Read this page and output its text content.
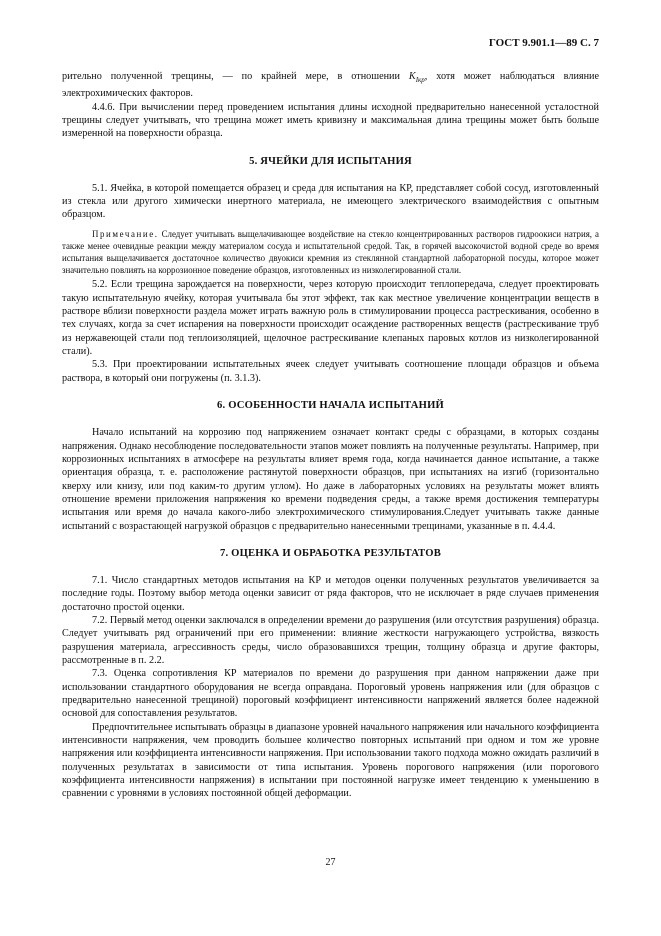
ГОСТ 9.901.1—89 С. 7

рительно полученной трещины, — по крайней мере, в отношении $K_{Iкр}$, хотя может наблюдаться влияние электрохимических факторов.

4.4.6. При вычислении перед проведением испытания длины исходной предварительно нанесенной усталостной трещины следует учитывать, что трещина может иметь кривизну и максимальная длина трещины может быть больше измеренной на поверхности образца.

5. ЯЧЕЙКИ ДЛЯ ИСПЫТАНИЯ

5.1. Ячейка, в которой помещается образец и среда для испытания на КР, представляет собой сосуд, изготовленный из стекла или другого химически инертного материала, не имеющего электрического взаимодействия с опытным образцом.

Примечание. Следует учитывать выщелачивающее воздействие на стекло концентрированных растворов гидроокиси натрия, а также менее очевидные реакции между материалом сосуда и испытательной средой. Так, в горячей высокочистой водной среде во время испытания выщелачивается достаточное количество двуокиси кремния из стеклянной стандартной лабораторной посуды, которое может значительно повлиять на коррозионное поведение образцов, изготовленных из низколегированной стали.

5.2. Если трещина зарождается на поверхности, через которую происходит теплопередача, следует проектировать такую испытательную ячейку, которая учитывала бы этот эффект, так как местное увеличение концентрации веществ в растворе вблизи поверхности раздела может играть важную роль в стимулировании процесса растрескивания, особенно в тех случаях, когда за счет испарения на поверхности происходит осаждение растворенных веществ (растрескивание труб из нержавеющей стали под теплоизоляцией, щелочное растрескивание клепаных паровых котлов из низколегированной стали).

5.3. При проектировании испытательных ячеек следует учитывать соотношение площади образцов и объема раствора, в который они погружены (п. 3.1.3).

6. ОСОБЕННОСТИ НАЧАЛА ИСПЫТАНИЙ

Начало испытаний на коррозию под напряжением означает контакт среды с образцами, в которых созданы напряжения. Однако несоблюдение последовательности этапов может повлиять на полученные результаты. Например, при коррозионных испытаниях в атмосфере на результаты влияет время года, когда начинается данное испытание, а также ориентация образца, т. е. расположение растянутой поверхности образцов, при испытаниях на изгиб (горизонтально кверху или книзу, или под каким-то другим углом). Но даже в лабораторных условиях на результаты может влиять отношение времени приложения напряжения ко времени подведения среды, а также время достижения температуры испытания или время до начала какого-либо электрохимического стимулирования.Следует учитывать также данные испытаний с возрастающей нагрузкой образцов с предварительно нанесенными трещинами, указанные в п. 4.4.4.

7. ОЦЕНКА И ОБРАБОТКА РЕЗУЛЬТАТОВ

7.1. Число стандартных методов испытания на КР и методов оценки полученных результатов увеличивается за последние годы. Поэтому выбор метода оценки зависит от ряда факторов, что не исключает в ряде случаев применения достаточно простой оценки.

7.2. Первый метод оценки заключался в определении времени до разрушения (или отсутствия разрушения) образца. Следует учитывать ряд ограничений при его применении: влияние жесткости нагружающего устройства, вязкость разрушения материала, агрессивность среды, число образовавшихся трещин, толщину образца и другие факторы, рассмотренные в п. 2.2.

7.3. Оценка сопротивления КР материалов по времени до разрушения при данном напряжении даже при использовании стандартного оборудования не всегда оправдана. Пороговый уровень напряжения или (для образцов с предварительно нанесенной трещиной) пороговый коэффициент интенсивности напряжений является более надежной основой для сопоставления результатов.

Предпочтительнее испытывать образцы в диапазоне уровней начального напряжения или начального коэффициента интенсивности напряжения, чем проводить большее количество повторных испытаний при одном и том же уровне напряжения или коэффициента интенсивности напряжения. При использовании такого подхода можно ожидать различий в полученных результатах в зависимости от типа испытания. Уровень порогового напряжения (или порогового коэффициента интенсивности напряжения) в испытании при постоянной нагрузке имеет тенденцию к уменьшению в сравнении с уровнями в условиях постоянной общей деформации.

27
